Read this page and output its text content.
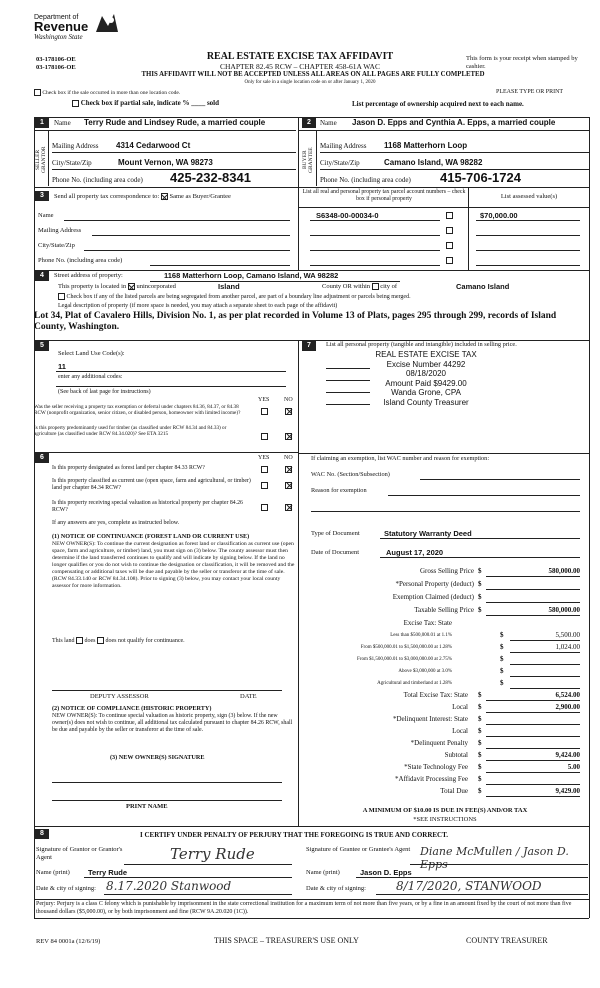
Department of
Revenue
Washington State
03-178106-OE
03-178106-OE
REAL ESTATE EXCISE TAX AFFIDAVIT
CHAPTER 82.45 RCW – CHAPTER 458-61A WAC
This form is your receipt when stamped by cashier.
THIS AFFIDAVIT WILL NOT BE ACCEPTED UNLESS ALL AREAS ON ALL PAGES ARE FULLY COMPLETED
Only for sale in a single location code on or after January 1, 2020
Check box if the sale occurred in more than one location code.	PLEASE TYPE OR PRINT
Check box if partial sale, indicate % ____ sold	List percentage of ownership acquired next to each name.
1	Name Terry Rude and Lindsey Rude, a married couple
SELLER GRANTOR
Mailing Address 4314 Cedarwood Ct
City/State/Zip	Mount Vernon, WA 98273
Phone No. (including area code) 425-232-8341
2	Name Jason D. Epps and Cynthia A. Epps, a married couple
BUYER GRANTEE
Mailing Address 1168 Matterhorn Loop
City/State/Zip	Camano Island, WA 98282
Phone No. (including area code) 415-706-1724
3	Send all property tax correspondence to: Same as Buyer/Grantee
Name
Mailing Address
City/State/Zip
Phone No. (including area code)
List all real and personal property tax parcel account numbers – check box if personal property	List assessed value(s)
S6348-00-00034-0	$70,000.00
4	Street address of property:	1168 Matterhorn Loop, Camano Island, WA 98282
This property is located in unincorporated	Island	County OR within city of	Camano Island
Check box if any of the listed parcels are being segregated from another parcel, are part of a boundary line adjustment or parcels being merged.
Legal description of property (if more space is needed, you may attach a separate sheet to each page of the affidavit)
Lot 34, Plat of Cavalero Hills, Division No. 1, as per plat recorded in Volume 13 of Plats, pages 295 through 299, records of Island County, Washington.
5
Select Land Use Code(s):
11
enter any additional codes:
(See back of last page for instructions)
YES NO
Was the seller receiving a property tax exemption or deferral under chapters 84.36, 84.37, or 84.38 RCW (nonprofit organization, senior citizen, or disabled person, homeowner with limited income)?
Is this property predominantly used for timber (as classified under RCW 84.34 and 84.33) or agriculture (as classified under RCW 84.34.020)? See ETA 3215
6	YES NO
Is this property designated as forest land per chapter 84.33 RCW?
Is this property classified as current use (open space, farm and agricultural, or timber) land per chapter 84.34 RCW?
Is this property receiving special valuation as historical property per chapter 84.26 RCW?
If any answers are yes, complete as instructed below.
(1) NOTICE OF CONTINUANCE (FOREST LAND OR CURRENT USE)
NEW OWNER(S): To continue the current designation as forest land or classification as current use (open space, farm and agriculture, or timber) land, you must sign on (3) below. The county assessor must then determine if the land transferred continues to qualify and will indicate by signing below. If the land no longer qualifies or you do not wish to continue the designation or classification, it will be removed and the compensating or additional taxes will be due and payable by the seller or transferor at the time of sale. (RCW 84.33.140 or RCW 84.34.108). Prior to signing (3) below, you may contact your local county assessor for more information.
This land does does not qualify for continuance.
DEPUTY ASSESSOR	DATE
(2) NOTICE OF COMPLIANCE (HISTORIC PROPERTY)
NEW OWNER(S): To continue special valuation as historic property, sign (3) below. If the new owner(s) does not wish to continue, all additional tax calculated pursuant to chapter 84.26 RCW, shall be due and payable by the seller or transferor at the time of sale.
(3) NEW OWNER(S) SIGNATURE
PRINT NAME
7	List all personal property (tangible and intangible) included in selling price.
REAL ESTATE EXCISE TAX
Excise Number 44292
08/18/2020
Amount Paid $9429.00
Wanda Grone, CPA
Island County Treasurer
If claiming an exemption, list WAC number and reason for exemption:
WAC No. (Section/Subsection)
Reason for exemption
Type of Document	Statutory Warranty Deed
Date of Document	August 17, 2020
Gross Selling Price $	580,000.00
*Personal Property (deduct) $
Exemption Claimed (deduct) $
Taxable Selling Price $	580,000.00
Excise Tax: State
Less than $500,000.01 at 1.1%	$	5,500.00
From $500,000.01 to $1,500,000.00 at 1.28%	$	1,024.00
From $1,500,000.01 to $3,000,000.00 at 2.75%	$
Above $3,000,000 at 3.0%	$
Agricultural and timberland at 1.28%	$
Total Excise Tax: State $	6,524.00
Local $	2,900.00
*Delinquent Interest: State $
Local $
*Delinquent Penalty $
Subtotal $	9,424.00
*State Technology Fee $	5.00
*Affidavit Processing Fee $
Total Due $	9,429.00
A MINIMUM OF $10.00 IS DUE IN FEE(S) AND/OR TAX
*SEE INSTRUCTIONS
8	I CERTIFY UNDER PENALTY OF PERJURY THAT THE FOREGOING IS TRUE AND CORRECT.
Signature of Grantor or Grantor's Agent	Terry Rude
Name (print) Terry Rude
Date & city of signing: 8.17.2020 Stanwood
Signature of Grantee or Grantee's Agent Diane McMullen / Jason D. Epps
Name (print)	Jason D. Epps
Date & city of signing:	8/17/2020, STANWOOD
Perjury: Perjury is a class C felony which is punishable by imprisonment in the state correctional institution for a maximum term of not more than five years, or by a fine in an amount fixed by the court of not more than five thousand dollars ($5,000.00), or by both imprisonment and fine (RCW 9A.20.020 (1C)).
REV 84 0001a (12/6/19)	THIS SPACE – TREASURER'S USE ONLY	COUNTY TREASURER
